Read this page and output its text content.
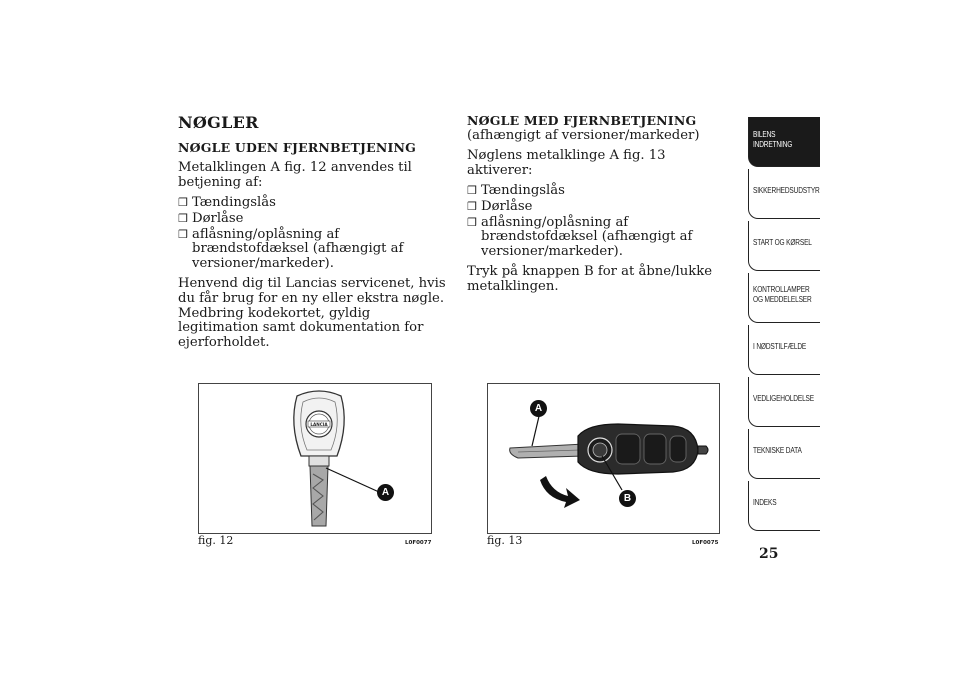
NØGLER
NØGLE UDEN FJERNBETJENING

Metalklingen A fig. 12 anvendes til betjening af:

❒ Tændingslås
❒ Dørlåse
❒ aflåsning/oplåsning af brændstofdæksel (afhængigt af versioner/markeder).

Henvend dig til Lancias servicenet, hvis du får brug for en ny eller ekstra nøgle. Medbring kodekortet, gyldig legitimation samt dokumentation for ejerforholdet.

NØGLE MED FJERNBETJENING
(afhængigt af versioner/markeder)

Nøglens metalklinge A fig. 13 aktiverer:

❒ Tændingslås
❒ Dørlåse
❒ aflåsning/oplåsning af brændstofdæksel (afhængigt af versioner/markeder).

Tryk på knappen B for at åbne/lukke metalklingen.

LANCIA
A
fig. 12	L0F0077
A
B
fig. 13	L0F0075
BILENS
INDRETNING
SIKKERHEDSUDSTYR
START OG KØRSEL
KONTROLLAMPER
OG MEDDELELSER
I NØDSTILFÆLDE
VEDLIGEHOLDELSE
TEKNISKE DATA
INDEKS
25
